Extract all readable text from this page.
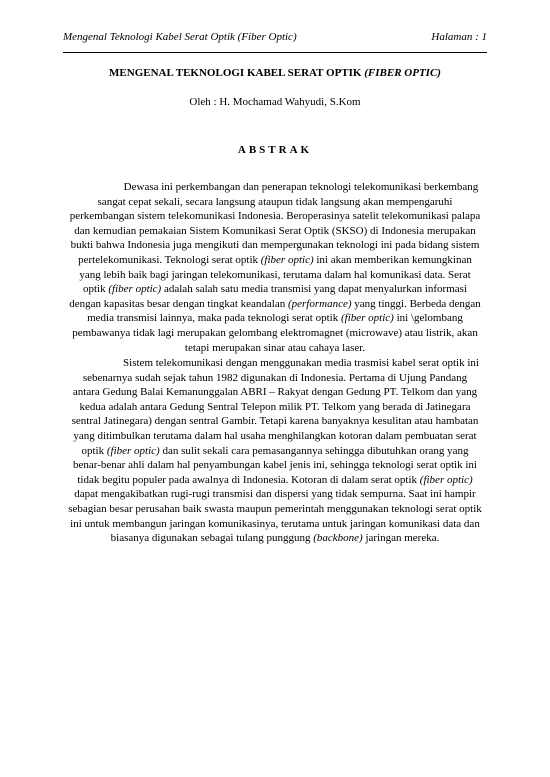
Mengenal Teknologi Kabel Serat Optik (Fiber Optic)	Halaman : 1
MENGENAL TEKNOLOGI KABEL SERAT OPTIK (FIBER OPTIC)
Oleh : H. Mochamad Wahyudi, S.Kom
ABSTRAK
Dewasa ini perkembangan dan penerapan teknologi telekomunikasi berkembang
sangat cepat sekali, secara langsung ataupun tidak langsung akan mempengaruhi
perkembangan sistem telekomunikasi Indonesia. Beroperasinya satelit telekomunikasi palapa
dan kemudian pemakaian Sistem Komunikasi Serat Optik (SKSO) di Indonesia merupakan
bukti bahwa Indonesia juga mengikuti dan mempergunakan teknologi ini pada bidang sistem
pertelekomunikasi. Teknologi serat optik (fiber optic) ini akan memberikan kemungkinan
yang lebih baik bagi jaringan telekomunikasi, terutama dalam hal komunikasi data. Serat
optik (fiber optic) adalah salah satu media transmisi yang dapat menyalurkan informasi
dengan kapasitas besar dengan tingkat keandalan (performance) yang tinggi. Berbeda dengan
media transmisi lainnya, maka pada teknologi serat optik (fiber optic) ini \gelombang
pembawanya tidak lagi merupakan gelombang elektromagnet (microwave) atau listrik, akan
tetapi merupakan sinar atau cahaya laser.
Sistem telekomunikasi dengan menggunakan media trasmisi kabel serat optik ini
sebenarnya sudah sejak tahun 1982 digunakan di Indonesia. Pertama di Ujung Pandang
antara Gedung Balai Kemanunggalan ABRI – Rakyat dengan Gedung PT. Telkom dan yang
kedua adalah antara Gedung Sentral Telepon milik PT. Telkom yang berada di Jatinegara
sentral Jatinegara) dengan sentral Gambir. Tetapi karena banyaknya kesulitan atau hambatan
yang ditimbulkan terutama dalam hal usaha menghilangkan kotoran dalam pembuatan serat
optik (fiber optic) dan sulit sekali cara pemasangannya sehingga dibutuhkan orang yang
benar-benar ahli dalam hal penyambungan kabel jenis ini, sehingga teknologi serat optik ini
tidak begitu populer pada awalnya di Indonesia. Kotoran di dalam serat optik (fiber optic)
dapat mengakibatkan rugi-rugi transmisi dan dispersi yang tidak sempurna. Saat ini hampir
sebagian besar perusahan baik swasta maupun pemerintah menggunakan teknologi serat optik
ini untuk membangun jaringan komunikasinya, terutama untuk jaringan komunikasi data dan
biasanya digunakan sebagai tulang punggung (backbone) jaringan mereka.
